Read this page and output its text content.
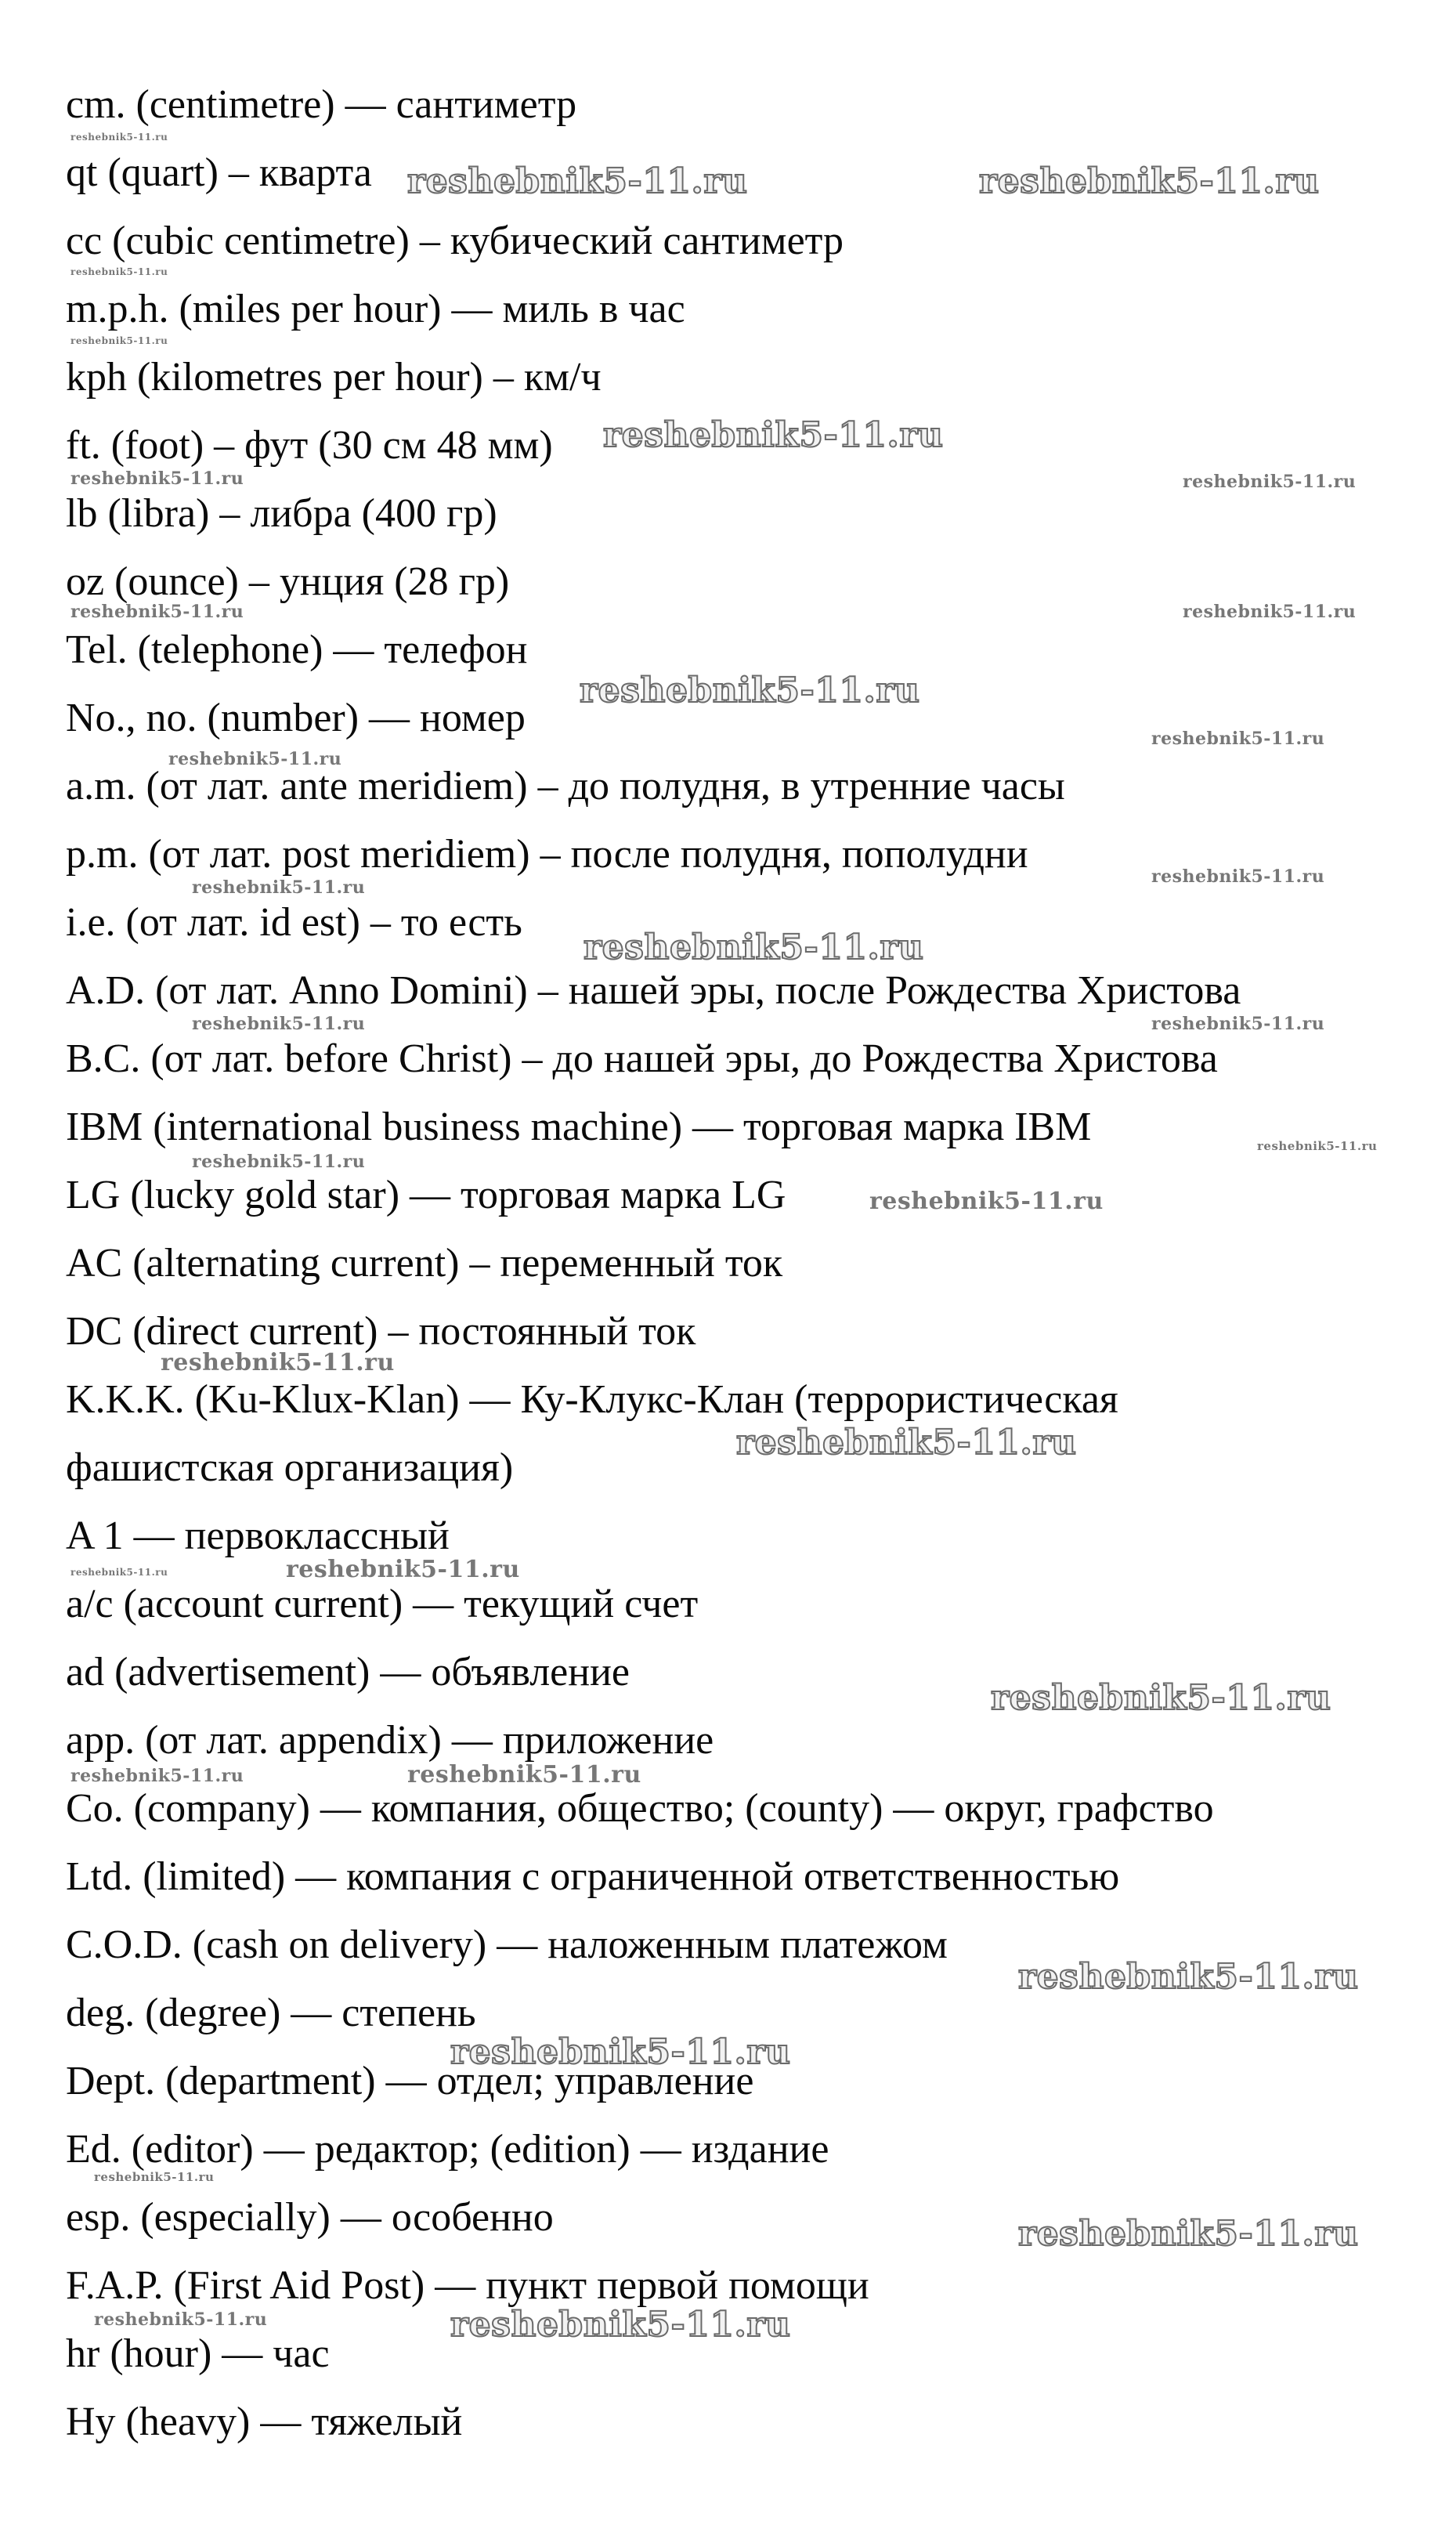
cm. (centimetre) — сантиметр
qt (quart) – кварта
cc (cubic centimetre) – кубический сантиметр
m.p.h. (miles per hour) — миль в час
kph (kilometres per hour) – км/ч
ft. (foot) – фут (30 см 48 мм)
lb (libra) – либра (400 гр)
oz (ounce) – унция (28 гр)
Tel. (telephone) — телефон
No., no. (number) — номер
a.m. (от лат. ante meridiem) – до полудня, в утренние часы
p.m. (от лат. post meridiem) – после полудня, пополудни
i.e. (от лат. id est) – то есть
A.D. (от лат. Anno Domini) – нашей эры, после Рождества Христова
B.C. (от лат. before Christ) – до нашей эры, до Рождества Христова
IBM (international business machine) — торговая марка IBM
LG (lucky gold star) — торговая марка LG
AC (alternating current) – переменный ток
DC (direct current) – постоянный ток
K.K.K. (Ku-Klux-Klan) — Ку-Клукс-Клан (террористическая
фашистская организация)
A 1 — первоклассный
a/c (account current) — текущий счет
ad (advertisement) — объявление
app. (от лат. appendix) — приложение
Co. (company) — компания, общество; (county) — округ, графство
Ltd. (limited) — компания с ограниченной ответственностью
C.O.D. (cash on delivery) — наложенным платежом
deg. (degree) — степень
Dept. (department) — отдел; управление
Ed. (editor) — редактор; (edition) — издание
esp. (especially) — особенно
F.A.P. (First Aid Post) — пункт первой помощи
hr (hour) — час
Hy (heavy) — тяжелый
reshebnik5-11.ru	reshebnik5-11.ru
reshebnik5-11.ru
reshebnik5-11.ru
reshebnik5-11.ru
reshebnik5-11.ru
reshebnik5-11.ru
reshebnik5-11.ru
reshebnik5-11.ru
reshebnik5-11.ru
reshebnik5-11.ru
reshebnik5-11.ru
reshebnik5-11.ru
reshebnik5-11.ru
reshebnik5-11.ru
reshebnik5-11.ru
reshebnik5-11.ru
reshebnik5-11.ru
reshebnik5-11.ru	reshebnik5-11.ru
reshebnik5-11.ru	reshebnik5-11.ru
reshebnik5-11.ru
reshebnik5-11.ru
reshebnik5-11.ru
reshebnik5-11.ru
reshebnik5-11.ru	reshebnik5-11.ru
reshebnik5-11.ru
reshebnik5-11.ru
reshebnik5-11.ru
reshebnik5-11.ru
reshebnik5-11.ru
reshebnik5-11.ru
